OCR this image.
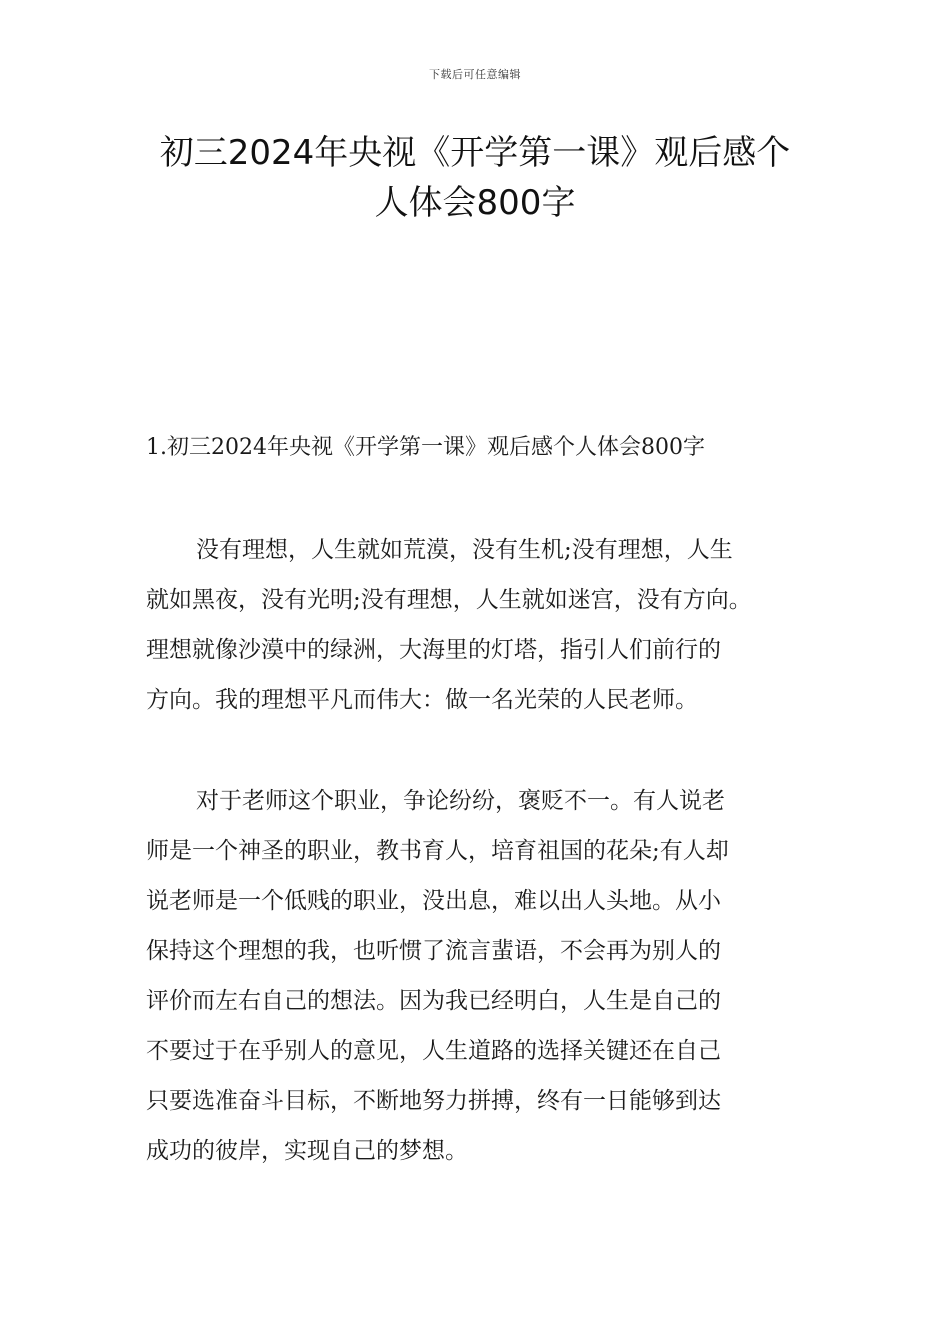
下载后可任意编辑
初三2024年央视《开学第一课》观后感个
人体会800字
1.初三2024年央视《开学第一课》观后感个人体会800字
没有理想，人生就如荒漠，没有生机;没有理想，人生
就如黑夜，没有光明;没有理想，人生就如迷宫，没有方向。
理想就像沙漠中的绿洲，大海里的灯塔，指引人们前行的
方向。我的理想平凡而伟大：做一名光荣的人民老师。
对于老师这个职业，争论纷纷，褒贬不一。有人说老
师是一个神圣的职业，教书育人，培育祖国的花朵;有人却
说老师是一个低贱的职业，没出息，难以出人头地。从小
保持这个理想的我，也听惯了流言蜚语，不会再为别人的
评价而左右自己的想法。因为我已经明白，人生是自己的
不要过于在乎别人的意见，人生道路的选择关键还在自己
只要选准奋斗目标，不断地努力拼搏，终有一日能够到达
成功的彼岸，实现自己的梦想。
